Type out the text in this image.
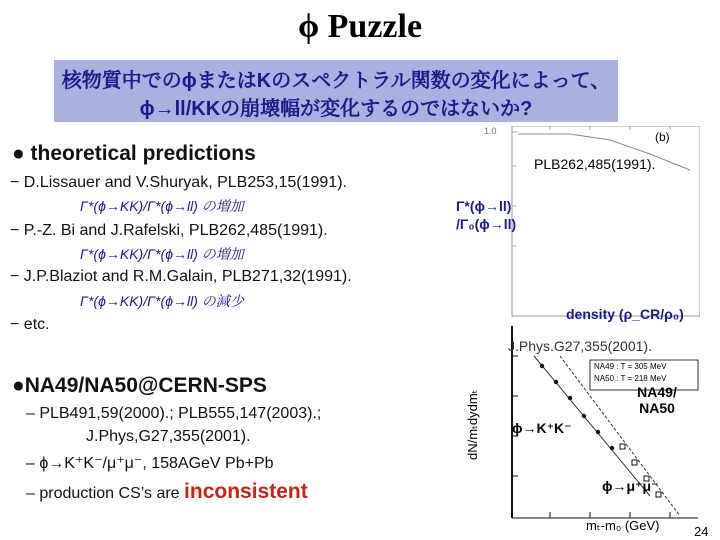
ϕ Puzzle
核物質中でのϕまたはKのスペクトラル関数の変化によって、
ϕ→ll/KKの崩壊幅が変化するのではないか?
● theoretical predictions
− D.Lissauer and V.Shuryak, PLB253,15(1991).
Γ*(ϕ→KK)/Γ*(ϕ→ll) の増加
− P.-Z. Bi and J.Rafelski, PLB262,485(1991).
Γ*(ϕ→KK)/Γ*(ϕ→ll) の増加
− J.P.Blaziot and R.M.Galain, PLB271,32(1991).
Γ*(ϕ→KK)/Γ*(ϕ→ll) の減少
− etc.
●NA49/NA50@CERN-SPS
– PLB491,59(2000).; PLB555,147(2003).;
J.Phys,G27,355(2001).
– ϕ→K⁺K⁻/μ⁺μ⁻, 158AGeV Pb+Pb
– production CS’s are inconsistent
(b)
1.0
PLB262,485(1991).
Γ*(ϕ→ll)
/Γ₀(ϕ→ll)
density (ρ_CR/ρ₀)
dN/mₜdydmₜ
J.Phys.G27,355(2001).
NA49 : T = 305 MeV
NA50 : T = 218 MeV
ϕ→K⁺K⁻
NA49/ NA50
ϕ→μ⁺μ⁻
mₜ-m₀ (GeV)	24
